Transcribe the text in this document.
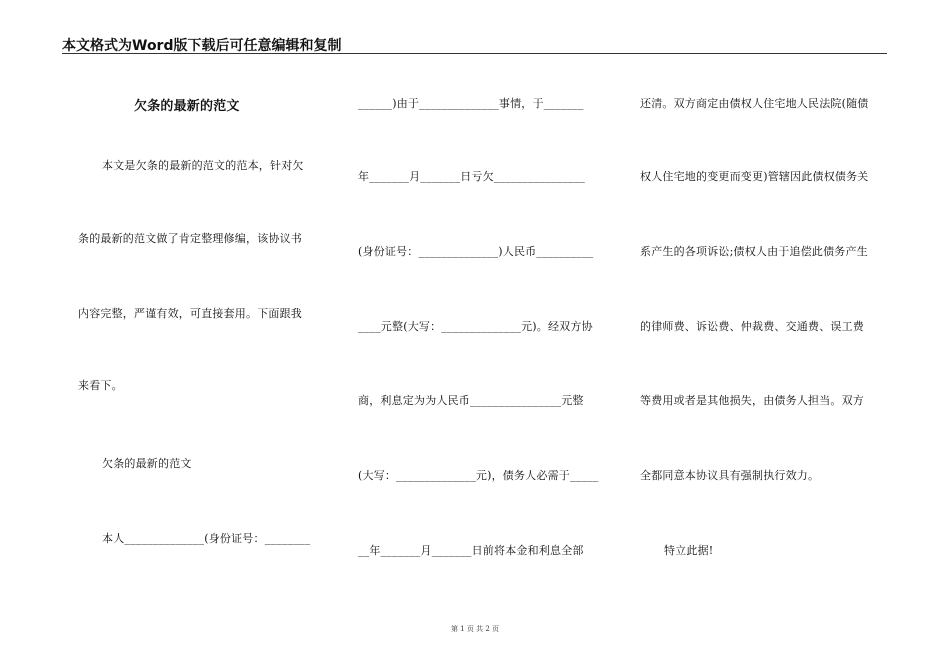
本文格式为Word版下载后可任意编辑和复制
欠条的最新的范文
本文是欠条的最新的范文的范本，针对欠
条的最新的范文做了肯定整理修编，该协议书
内容完整，严谨有效，可直接套用。下面跟我
来看下。
欠条的最新的范文
本人______________(身份证号：________
______)由于______________事情，于_______
年_______月_______日亏欠________________
(身份证号：______________)人民币__________
____元整(大写：______________元)。经双方协
商，利息定为为人民币________________元整
(大写：______________元)，债务人必需于_____
__年_______月_______日前将本金和利息全部
还清。双方商定由债权人住宅地人民法院(随债
权人住宅地的变更而变更)管辖因此债权债务关
系产生的各项诉讼;债权人由于追偿此债务产生
的律师费、诉讼费、仲裁费、交通费、误工费
等费用或者是其他损失，由债务人担当。双方
全都同意本协议具有强制执行效力。
特立此据!
第 1 页 共 2 页
